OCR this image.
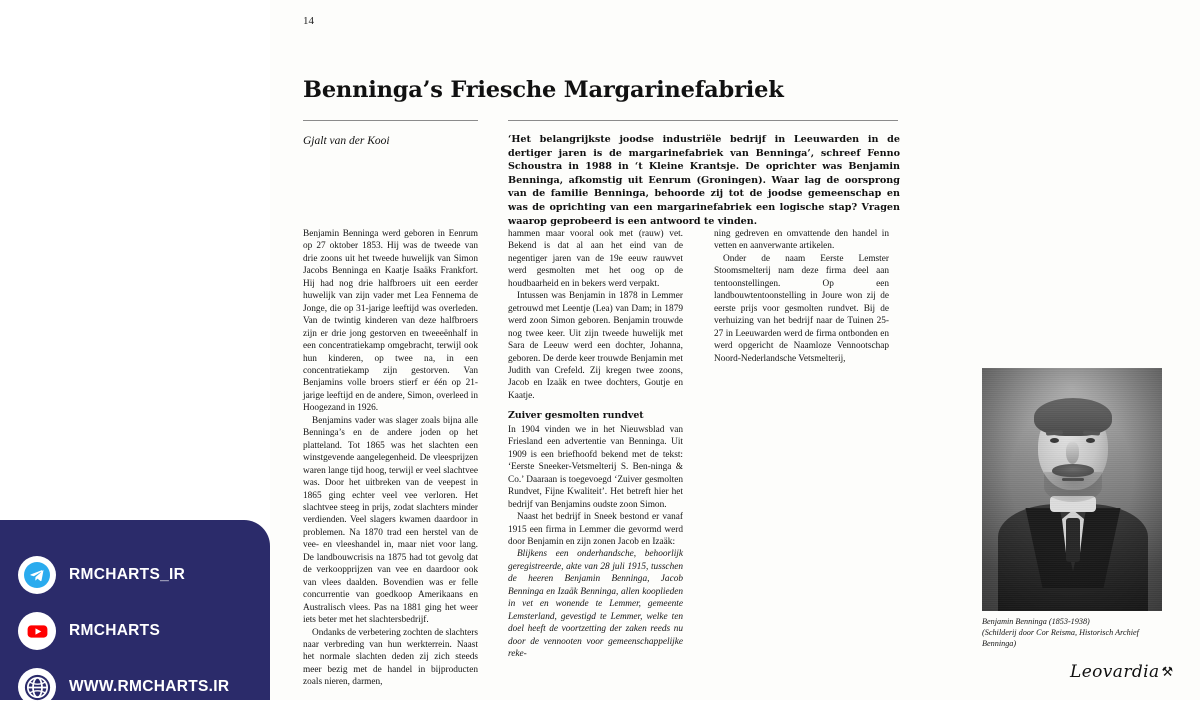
14
Benninga’s Friesche Margarinefabriek
Gjalt van der Kooi	‘Het belangrijkste joodse industriële bedrijf in Leeuwarden in de dertiger jaren is de margarinefabriek van Benninga’, schreef Fenno Schoustra in 1988 in ‘t Kleine Krantsje. De oprichter was Benjamin Benninga, afkomstig uit Eenrum (Groningen). Waar lag de oorsprong van de familie Benninga, behoorde zij tot de joodse gemeenschap en was de oprichting van een margarinefabriek een logische stap? Vragen waarop geprobeerd is een antwoord te vinden.

Benjamin Benninga werd geboren in Eenrum op 27 oktober 1853. Hij was de tweede van drie zoons uit het tweede huwelijk van Simon Jacobs Benninga en Kaatje Isaäks Frankfort. Hij had nog drie halfbroers uit een eerder huwelijk van zijn vader met Lea Fennema de Jonge, die op 31-jarige leeftijd was overleden. Van de twintig kinderen van deze halfbroers zijn er drie jong gestorven en tweeeënhalf in een concentratiekamp omgebracht, terwijl ook hun kinderen, op twee na, in een concentratiekamp zijn gestorven. Van Benjamins volle broers stierf er één op 21-jarige leeftijd en de andere, Simon, overleed in Hoogezand in 1926.

Benjamins vader was slager zoals bijna alle Benninga’s en de andere joden op het platteland. Tot 1865 was het slachten een winstgevende aangelegenheid. De vleesprijzen waren lange tijd hoog, terwijl er veel slachtvee was. Door het uitbreken van de veepest in 1865 ging echter veel vee verloren. Het slachtvee steeg in prijs, zodat slachters minder verdienden. Veel slagers kwamen daardoor in problemen. Na 1870 trad een herstel van de vee- en vleeshandel in, maar niet voor lang. De landbouwcrisis na 1875 had tot gevolg dat de verkoopprijzen van vee en daardoor ook van vlees daalden. Bovendien was er felle concurrentie van goedkoop Amerikaans en Australisch vlees. Pas na 1881 ging het weer iets beter met het slachtersbedrijf.

Ondanks de verbetering zochten de slachters naar verbreding van hun werkterrein. Naast het normale slachten deden zij zich steeds meer bezig met de handel in bijproducten zoals nieren, darmen,

hammen maar vooral ook met (rauw) vet. Bekend is dat al aan het eind van de negentiger jaren van de 19e eeuw rauwvet werd gesmolten met het oog op de houdbaarheid en in bekers werd verpakt.

Intussen was Benjamin in 1878 in Lemmer getrouwd met Leentje (Lea) van Dam; in 1879 werd zoon Simon geboren. Benjamin trouwde nog twee keer. Uit zijn tweede huwelijk met Sara de Leeuw werd een dochter, Johanna, geboren. De derde keer trouwde Benjamin met Judith van Crefeld. Zij kregen twee zoons, Jacob en Izaäk en twee dochters, Goutje en Kaatje.

Zuiver gesmolten rundvet

In 1904 vinden we in het Nieuwsblad van Friesland een advertentie van Benninga. Uit 1909 is een briefhoofd bekend met de tekst: ‘Eerste Sneeker-Vetsmelterij S. Ben-ninga & Co.’ Daaraan is toegevoegd ‘Zuiver gesmolten Rundvet, Fijne Kwaliteit’. Het betreft hier het bedrijf van Benjamins oudste zoon Simon.

Naast het bedrijf in Sneek bestond er vanaf 1915 een firma in Lemmer die gevormd werd door Benjamin en zijn zonen Jacob en Izaäk:

Blijkens een onderhandsche, behoorlijk geregistreerde, akte van 28 juli 1915, tusschen de heeren Benjamin Benninga, Jacob Benninga en Izaäk Benninga, allen kooplieden in vet en wonende te Lemmer, gemeente Lemsterland, gevestigd te Lemmer, welke ten doel heeft de voortzetting der zaken reeds nu door de vennooten voor gemeenschappelijke reke-

ning gedreven en omvattende den handel in vetten en aanverwante artikelen.

Onder de naam Eerste Lemster Stoomsmelterij nam deze firma deel aan tentoonstellingen. Op een landbouwtentoonstelling in Joure won zij de eerste prijs voor gesmolten rundvet. Bij de verhuizing van het bedrijf naar de Tuinen 25-27 in Leeuwarden werd de firma ontbonden en werd opgericht de Naamloze Vennootschap Noord-Nederlandsche Vetsmelterij,

Benjamin Benninga (1853-1938)
(Schilderij door Cor Reisma, Historisch Archief Benninga)
Leovardia ⚒
RMCHARTS_IR
RMCHARTS
WWW.RMCHARTS.IR
